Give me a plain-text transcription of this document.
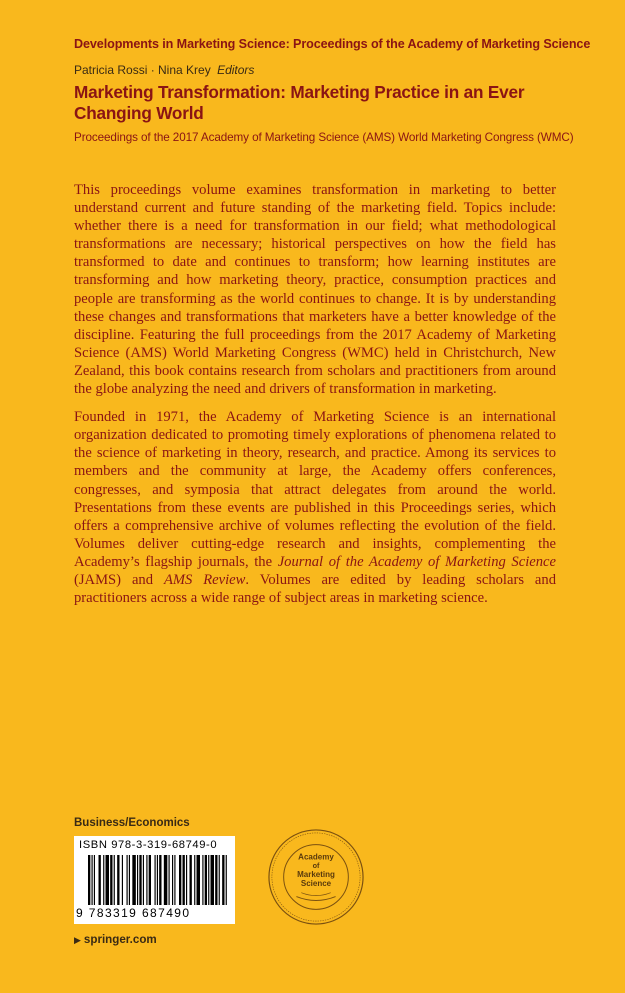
Developments in Marketing Science: Proceedings of the Academy of Marketing Science
Patricia Rossi · Nina Krey Editors
Marketing Transformation: Marketing Practice in an Ever Changing World
Proceedings of the 2017 Academy of Marketing Science (AMS) World Marketing Congress (WMC)

This proceedings volume examines transformation in marketing to better understand current and future standing of the marketing field. Topics include: whether there is a need for transformation in our field; what methodological transformations are necessary; historical perspectives on how the field has transformed to date and continues to transform; how learning institutes are transforming and how marketing theory, practice, consumption practices and people are transforming as the world continues to change. It is by understanding these changes and transformations that marketers have a better knowledge of the discipline. Featuring the full proceedings from the 2017 Academy of Marketing Science (AMS) World Marketing Congress (WMC) held in Christchurch, New Zealand, this book contains research from scholars and practitioners from around the globe analyzing the need and drivers of transformation in marketing.

Founded in 1971, the Academy of Marketing Science is an international organization dedicated to promoting timely explorations of phenomena related to the science of marketing in theory, research, and practice. Among its services to members and the community at large, the Academy offers conferences, congresses, and symposia that attract delegates from around the world. Presentations from these events are published in this Proceedings series, which offers a comprehensive archive of volumes reflecting the evolution of the field. Volumes deliver cutting-edge research and insights, complementing the Academy’s flagship journals, the Journal of the Academy of Marketing Science (JAMS) and AMS Review. Volumes are edited by leading scholars and practitioners across a wide range of subject areas in marketing science.

Business/Economics
ISBN 978-3-319-68749-0
9 783319 687490
Academy
of
Marketing
Science
▶ springer.com
